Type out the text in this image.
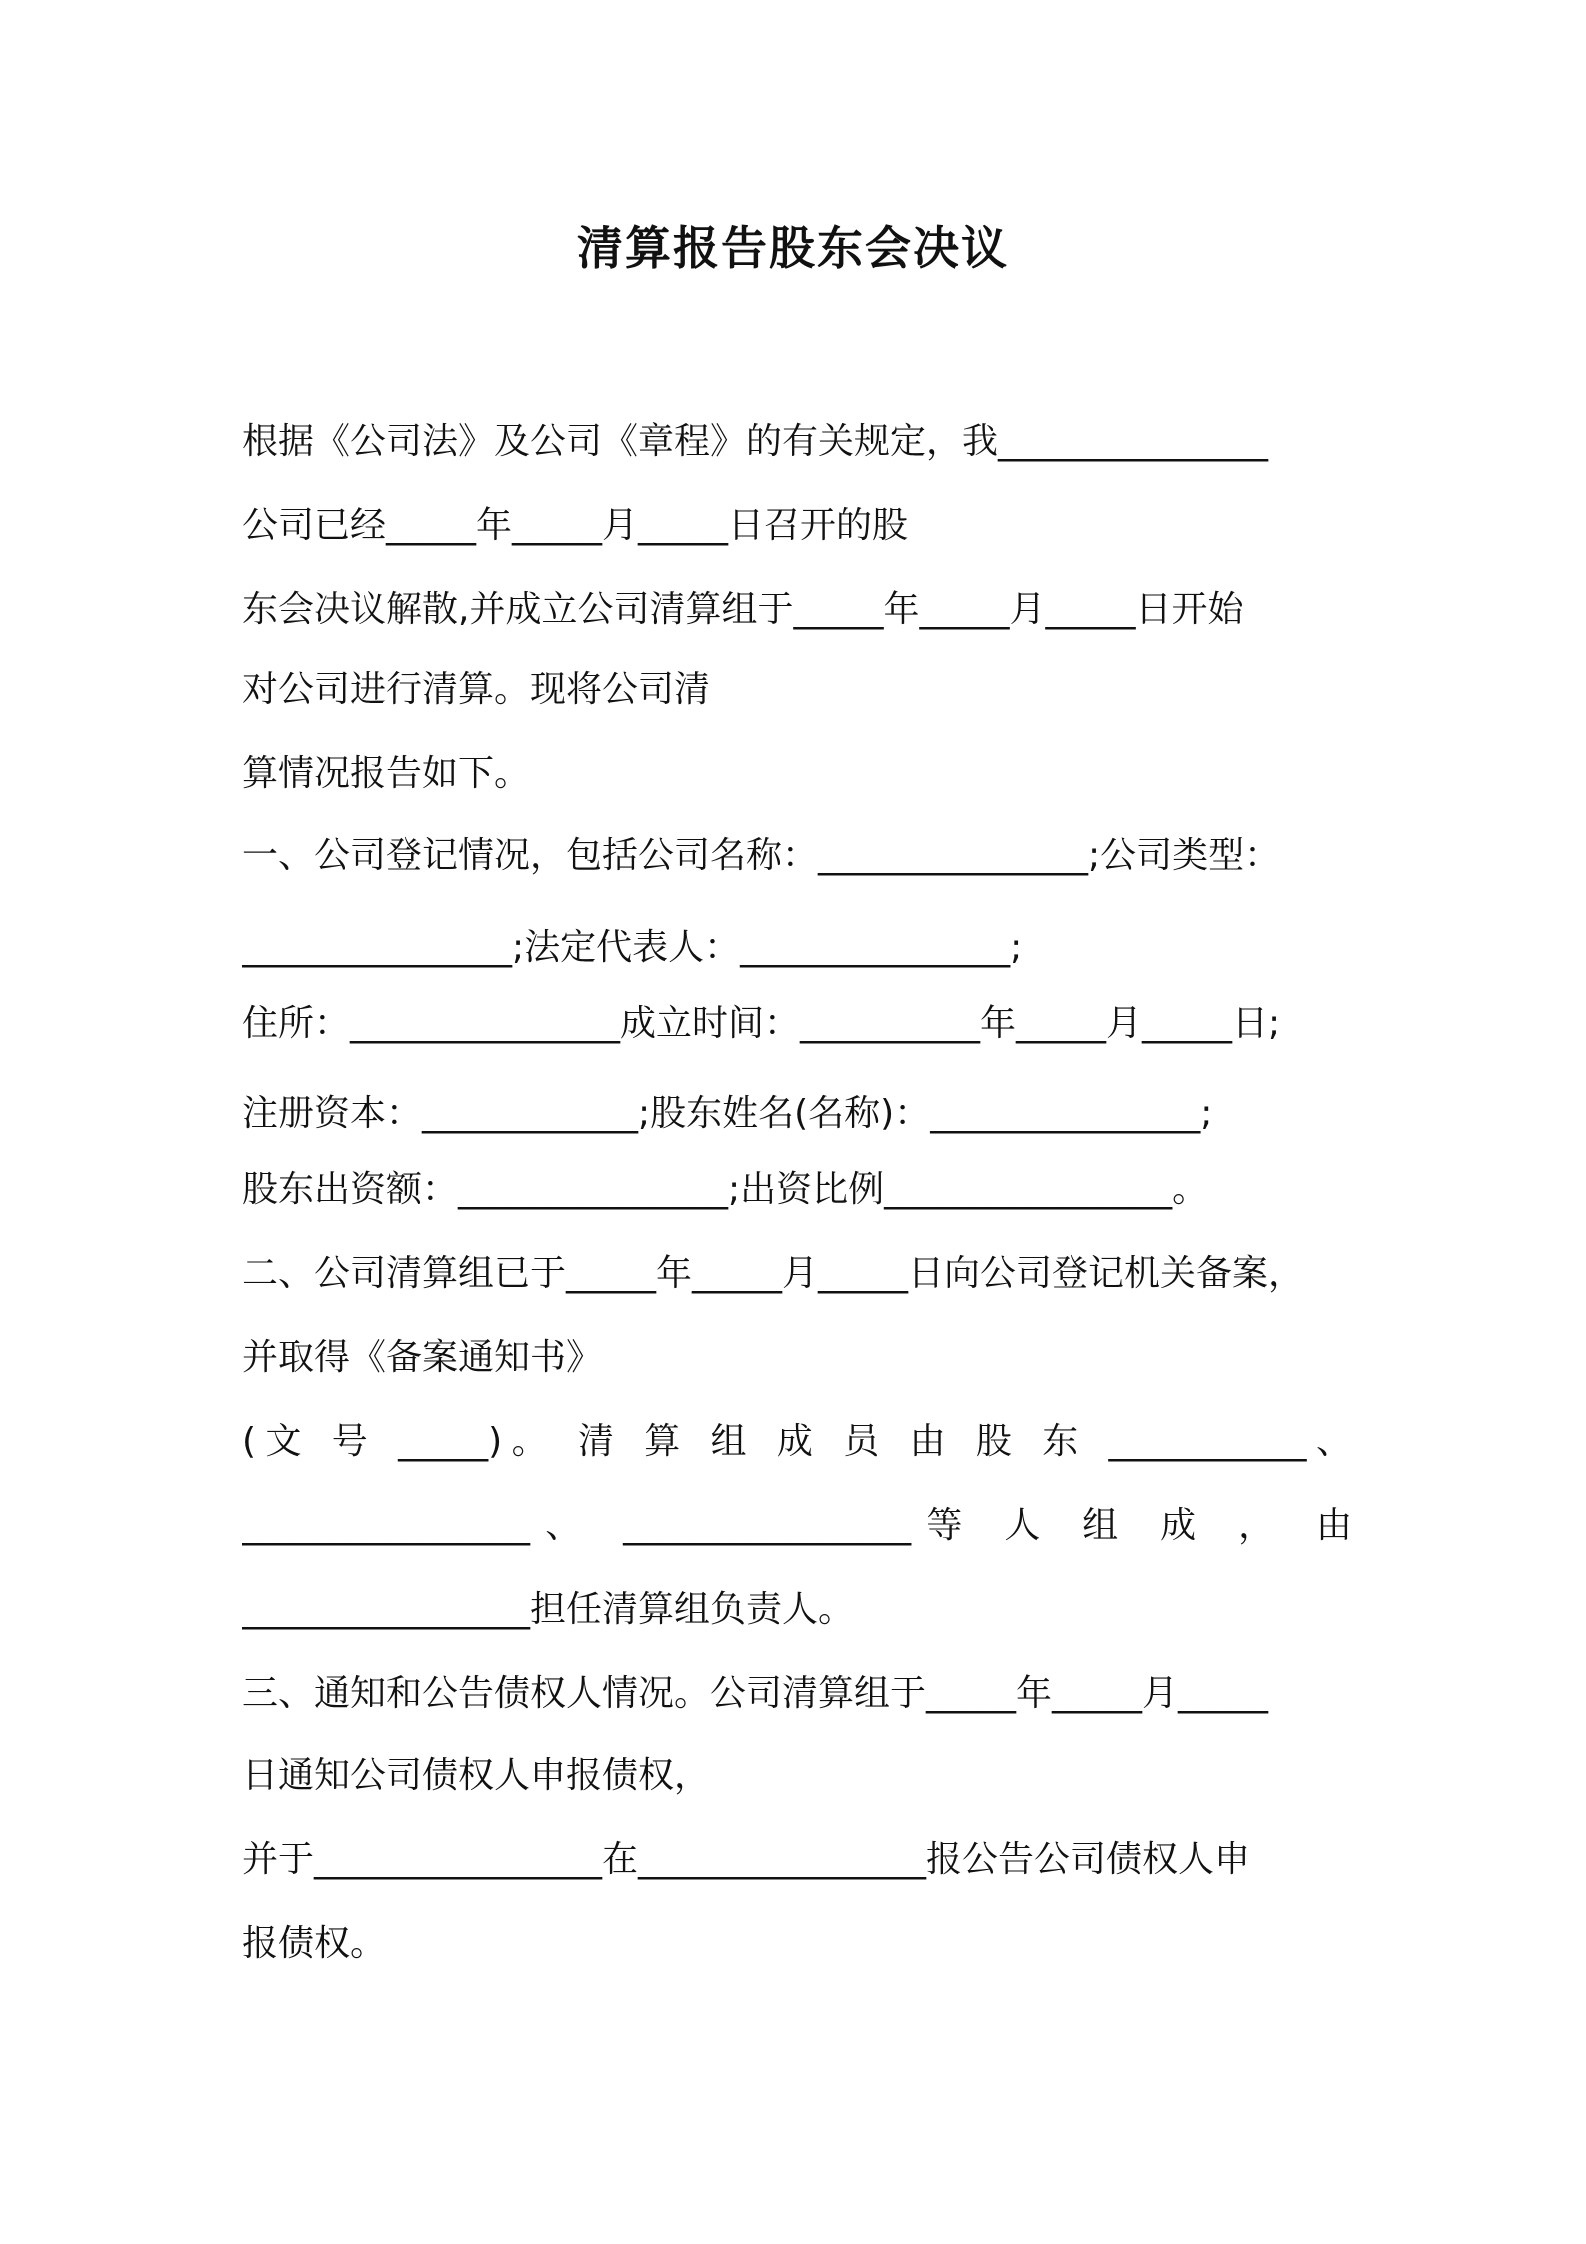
清算报告股东会决议
根据《公司法》及公司《章程》的有关规定，我_______________
公司已经_____年_____月_____日召开的股
东会决议解散,并成立公司清算组于_____年_____月_____日开始
对公司进行清算。现将公司清
算情况报告如下。
一、公司登记情况，包括公司名称：_______________;公司类型：
_______________;法定代表人：_______________;
住所：_______________成立时间：__________年_____月_____日;
注册资本：____________;股东姓名(名称)：_______________;
股东出资额：_______________;出资比例________________。
二、公司清算组已于_____年_____月_____日向公司登记机关备案，
并取得《备案通知书》
(文 号 _____)。 清 算 组 成 员 由 股 东 ___________、
________________、 ________________等 人 组 成 ， 由
________________担任清算组负责人。
三、通知和公告债权人情况。公司清算组于_____年_____月_____
日通知公司债权人申报债权，
并于________________在________________报公告公司债权人申
报债权。
